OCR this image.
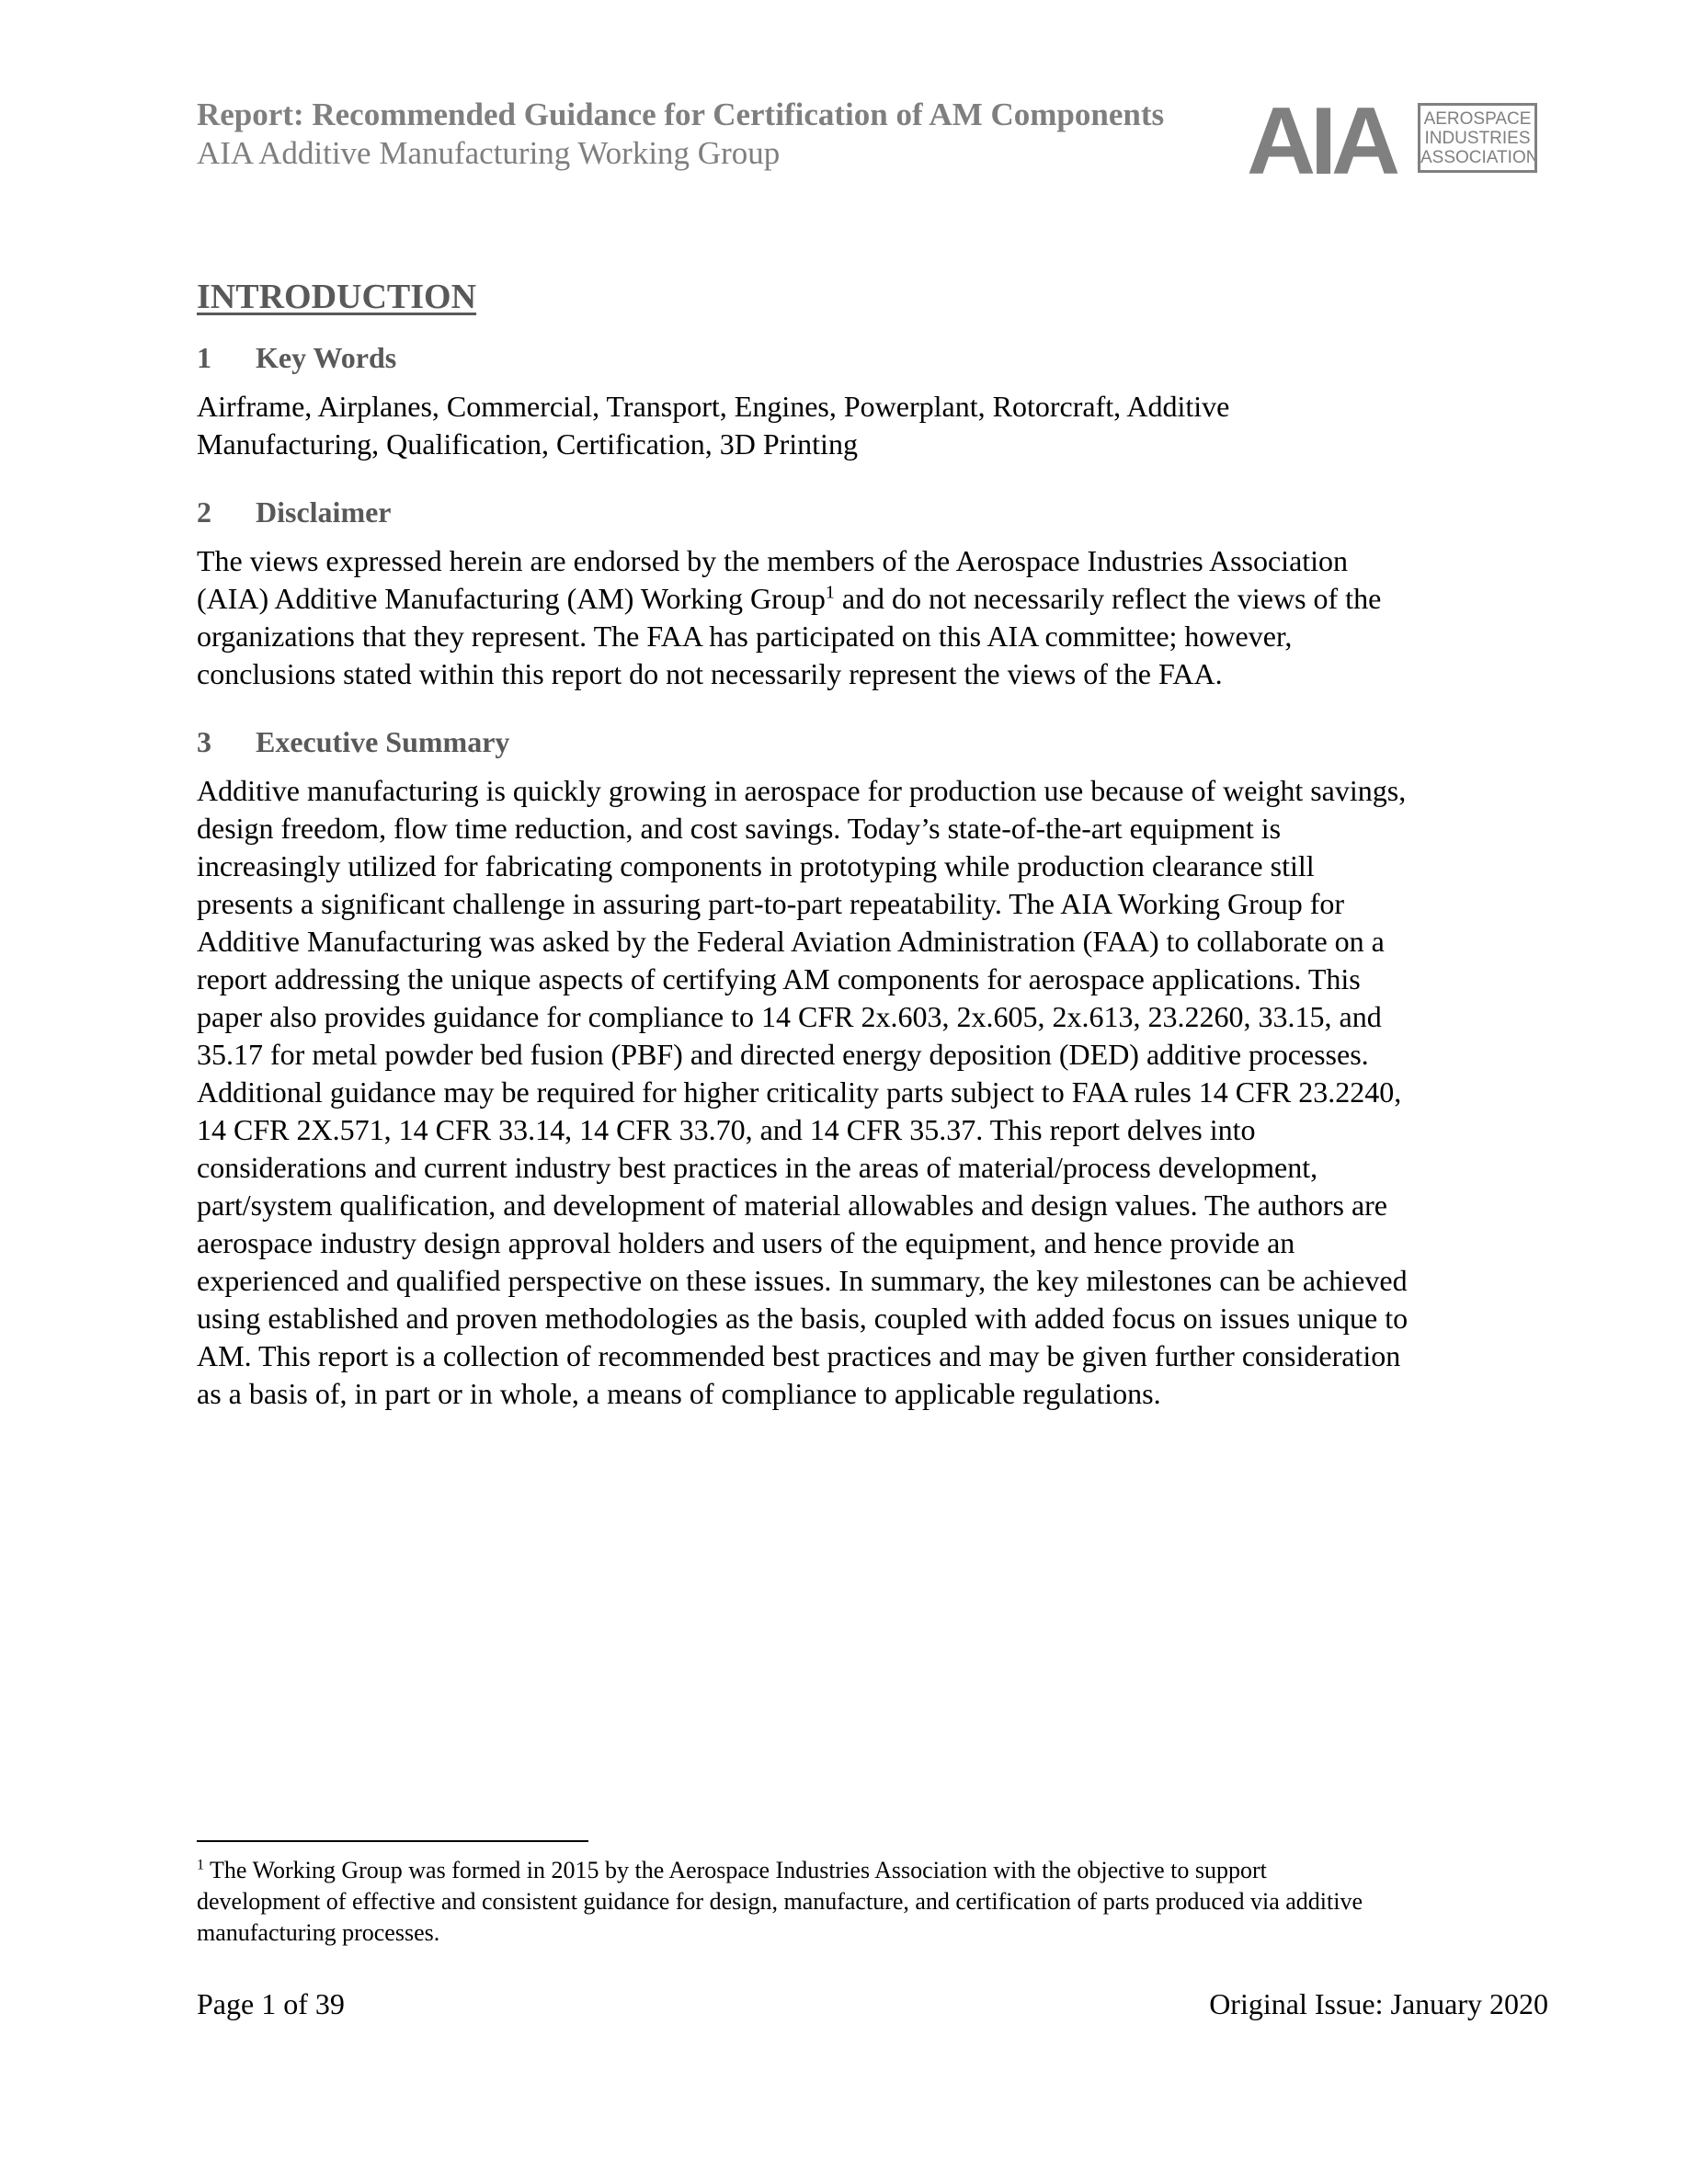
Report: Recommended Guidance for Certification of AM Components
AIA Additive Manufacturing Working Group	AIA AEROSPACE
INDUSTRIES
ASSOCIATION
INTRODUCTION
1 Key Words
Airframe, Airplanes, Commercial, Transport, Engines, Powerplant, Rotorcraft, Additive
Manufacturing, Qualification, Certification, 3D Printing
2 Disclaimer
The views expressed herein are endorsed by the members of the Aerospace Industries Association
(AIA) Additive Manufacturing (AM) Working Group$^1$ and do not necessarily reflect the views of the
organizations that they represent. The FAA has participated on this AIA committee; however,
conclusions stated within this report do not necessarily represent the views of the FAA.
3 Executive Summary
Additive manufacturing is quickly growing in aerospace for production use because of weight savings,
design freedom, flow time reduction, and cost savings. Today’s state-of-the-art equipment is
increasingly utilized for fabricating components in prototyping while production clearance still
presents a significant challenge in assuring part-to-part repeatability. The AIA Working Group for
Additive Manufacturing was asked by the Federal Aviation Administration (FAA) to collaborate on a
report addressing the unique aspects of certifying AM components for aerospace applications. This
paper also provides guidance for compliance to 14 CFR 2x.603, 2x.605, 2x.613, 23.2260, 33.15, and
35.17 for metal powder bed fusion (PBF) and directed energy deposition (DED) additive processes.
Additional guidance may be required for higher criticality parts subject to FAA rules 14 CFR 23.2240,
14 CFR 2X.571, 14 CFR 33.14, 14 CFR 33.70, and 14 CFR 35.37. This report delves into
considerations and current industry best practices in the areas of material/process development,
part/system qualification, and development of material allowables and design values. The authors are
aerospace industry design approval holders and users of the equipment, and hence provide an
experienced and qualified perspective on these issues. In summary, the key milestones can be achieved
using established and proven methodologies as the basis, coupled with added focus on issues unique to
AM. This report is a collection of recommended best practices and may be given further consideration
as a basis of, in part or in whole, a means of compliance to applicable regulations.
$^1$ The Working Group was formed in 2015 by the Aerospace Industries Association with the objective to support
development of effective and consistent guidance for design, manufacture, and certification of parts produced via additive
manufacturing processes.
Page 1 of 39	Original Issue: January 2020
